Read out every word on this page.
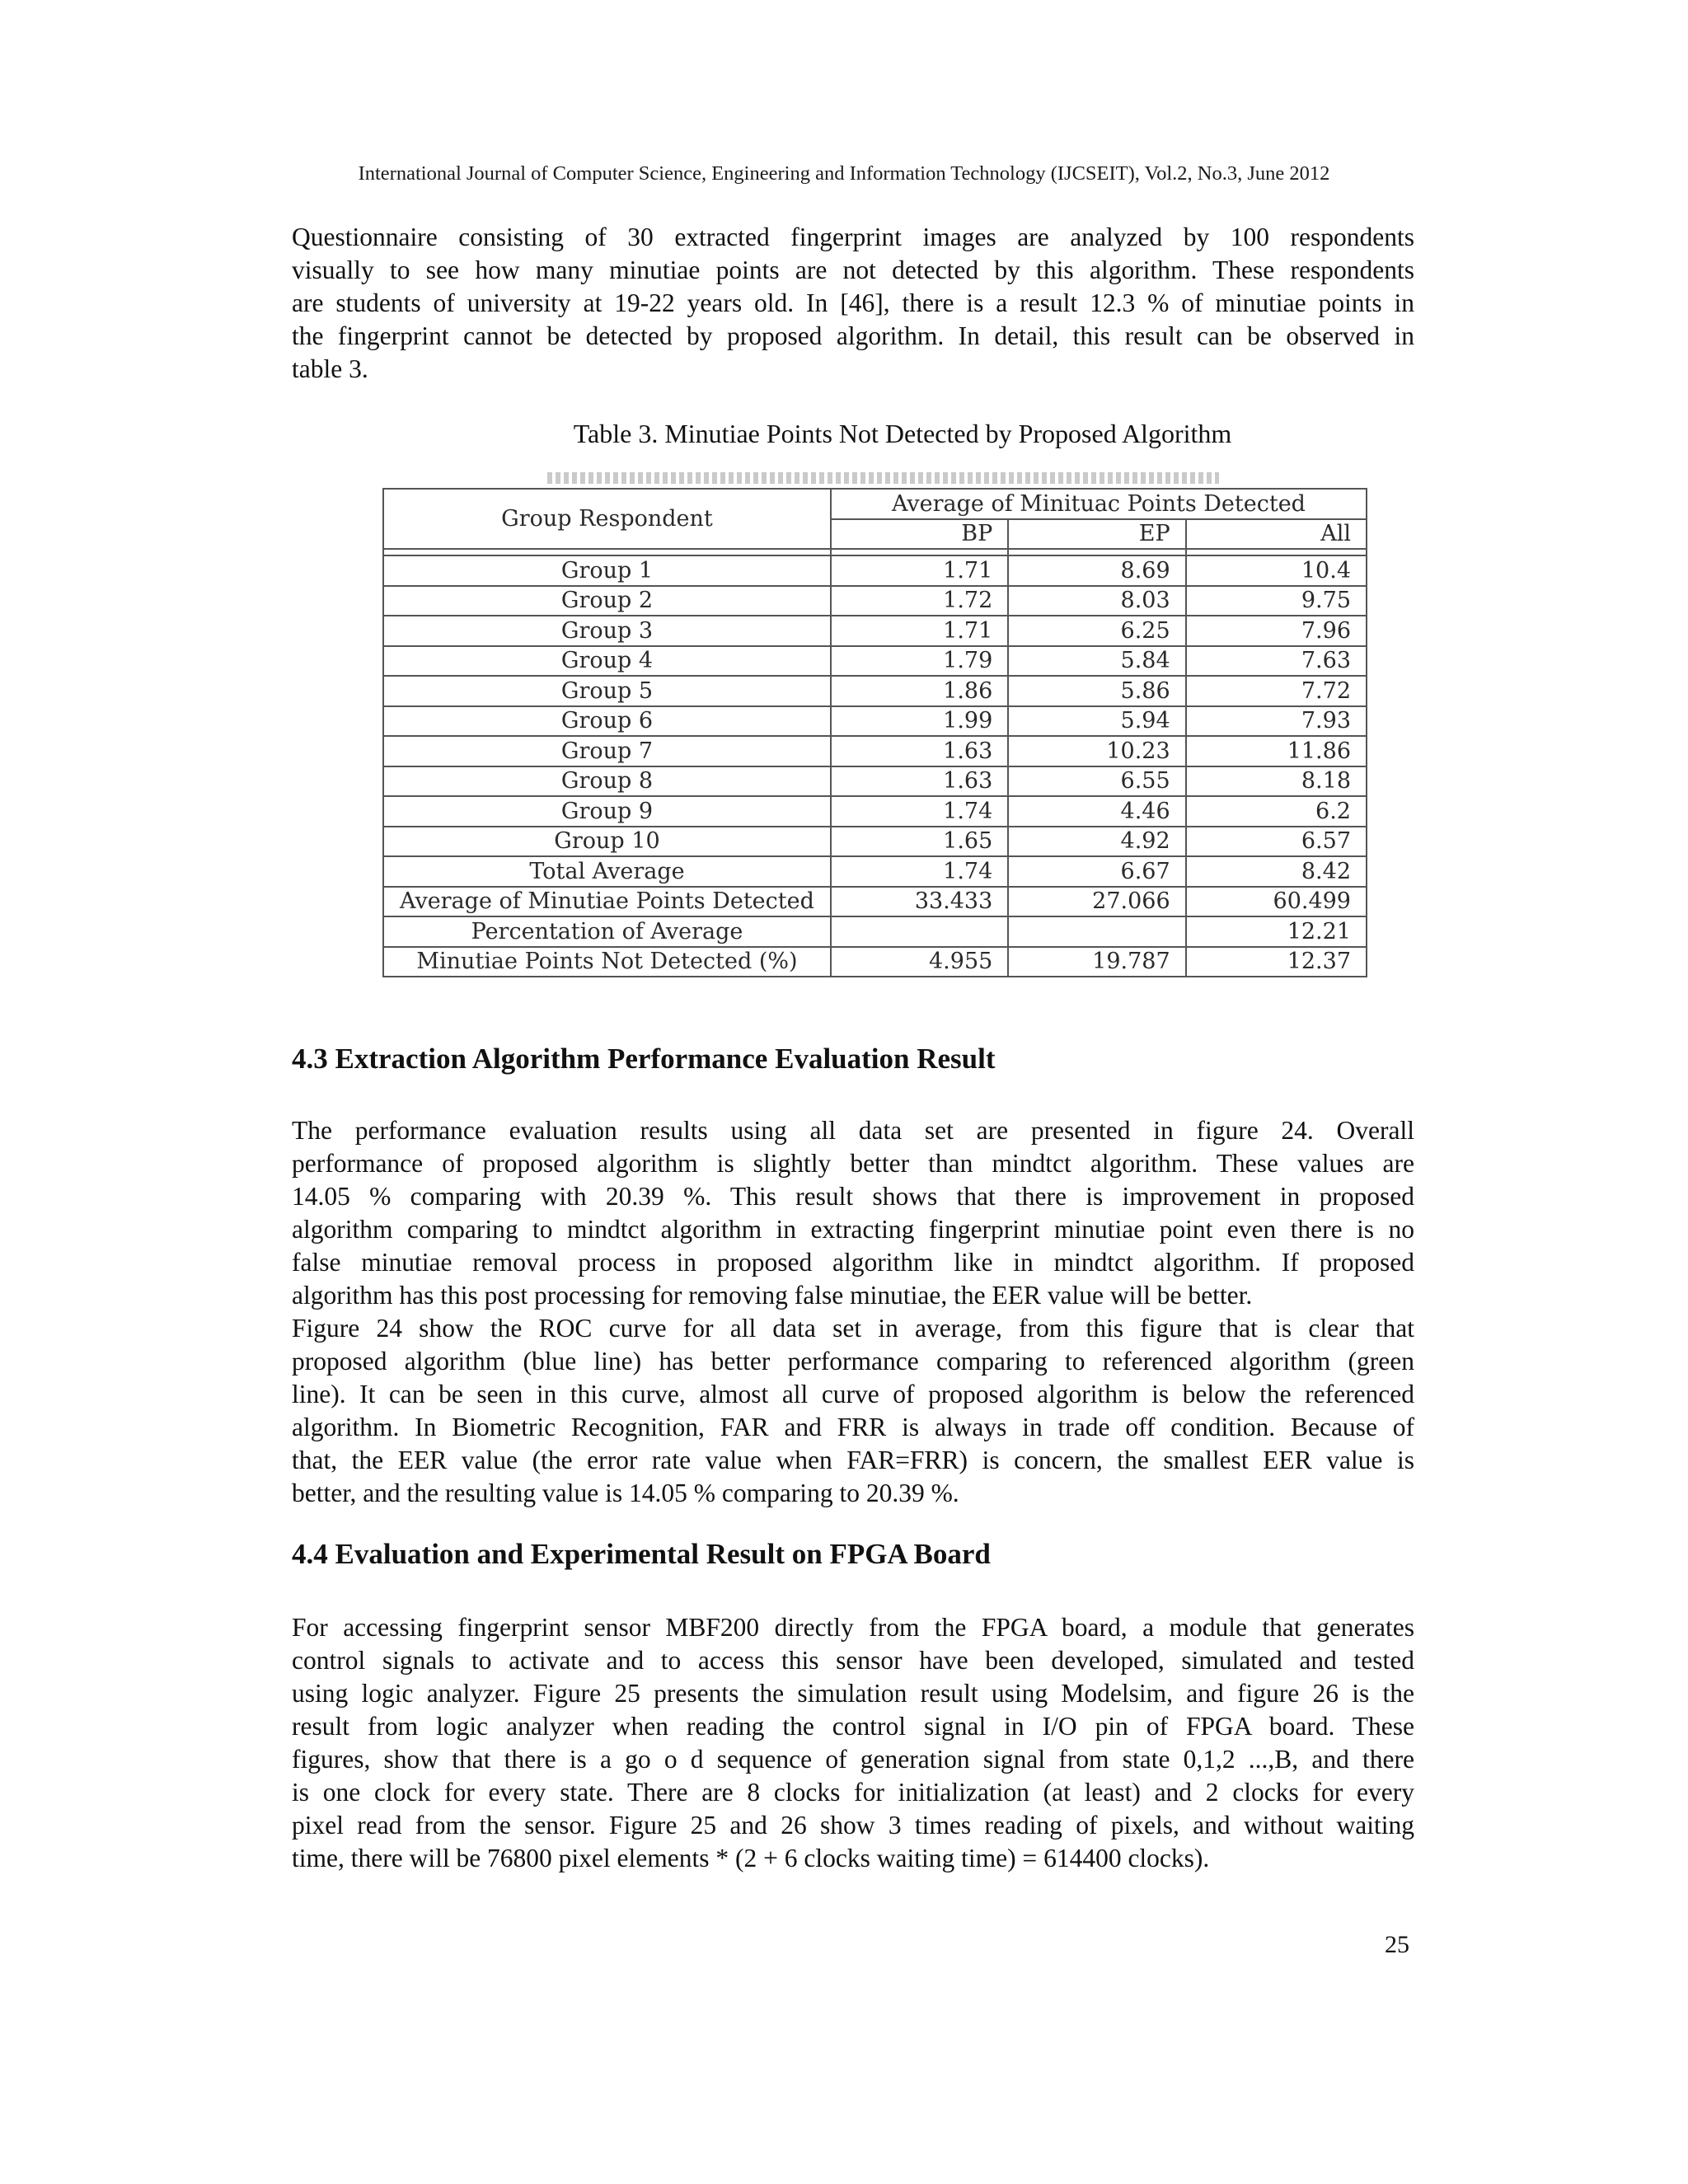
International Journal of Computer Science, Engineering and Information Technology (IJCSEIT), Vol.2, No.3, June 2012
Questionnaire consisting of 30 extracted fingerprint images are analyzed by 100 respondents
visually to see how many minutiae points are not detected by this algorithm. These respondents
are students of university at 19-22 years old. In [46], there is a result 12.3 % of minutiae points in
the fingerprint cannot be detected by proposed algorithm. In detail, this result can be observed in
table 3.
Table 3. Minutiae Points Not Detected by Proposed Algorithm
Group Respondent	Average of Minituac Points Detected		
	BP	EP	All

Group 1	1.71	8.69	10.4
Group 2	1.72	8.03	9.75
Group 3	1.71	6.25	7.96
Group 4	1.79	5.84	7.63
Group 5	1.86	5.86	7.72
Group 6	1.99	5.94	7.93
Group 7	1.63	10.23	11.86
Group 8	1.63	6.55	8.18
Group 9	1.74	4.46	6.2
Group 10	1.65	4.92	6.57
Total Average	1.74	6.67	8.42
Average of Minutiae Points Detected	33.433	27.066	60.499
Percentation of Average			12.21
Minutiae Points Not Detected (%)	4.955	19.787	12.37
4.3 Extraction Algorithm Performance Evaluation Result
The performance evaluation results using all data set are presented in figure 24. Overall
performance of proposed algorithm is slightly better than mindtct algorithm. These values are
14.05 % comparing with 20.39 %. This result shows that there is improvement in proposed
algorithm comparing to mindtct algorithm in extracting fingerprint minutiae point even there is no
false minutiae removal process in proposed algorithm like in mindtct algorithm. If proposed
algorithm has this post processing for removing false minutiae, the EER value will be better.
Figure 24 show the ROC curve for all data set in average, from this figure that is clear that
proposed algorithm (blue line) has better performance comparing to referenced algorithm (green
line). It can be seen in this curve, almost all curve of proposed algorithm is below the referenced
algorithm. In Biometric Recognition, FAR and FRR is always in trade off condition. Because of
that, the EER value (the error rate value when FAR=FRR) is concern, the smallest EER value is
better, and the resulting value is 14.05 % comparing to 20.39 %.
4.4 Evaluation and Experimental Result on FPGA Board
For accessing fingerprint sensor MBF200 directly from the FPGA board, a module that generates
control signals to activate and to access this sensor have been developed, simulated and tested
using logic analyzer. Figure 25 presents the simulation result using Modelsim, and figure 26 is the
result from logic analyzer when reading the control signal in I/O pin of FPGA board. These
figures, show that there is a go o d sequence of generation signal from state 0,1,2 ...,B, and there
is one clock for every state. There are 8 clocks for initialization (at least) and 2 clocks for every
pixel read from the sensor. Figure 25 and 26 show 3 times reading of pixels, and without waiting
time, there will be 76800 pixel elements * (2 + 6 clocks waiting time) = 614400 clocks).
25
